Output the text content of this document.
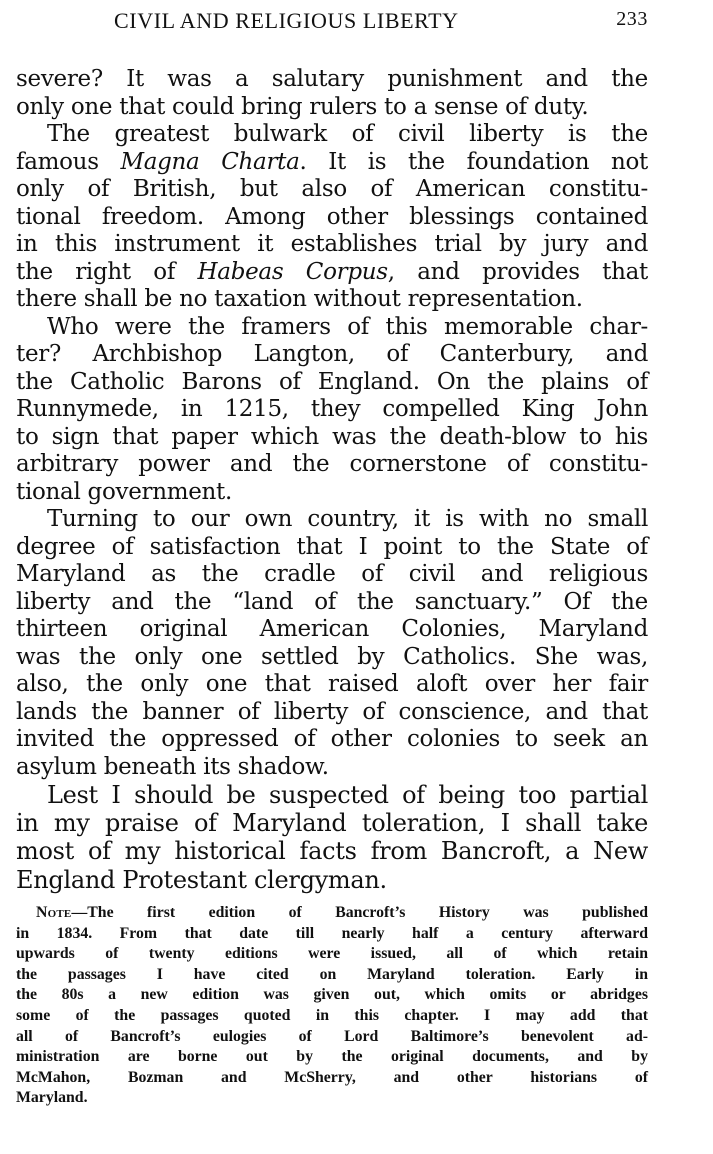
CIVIL AND RELIGIOUS LIBERTY	233
severe? It was a salutary punishment and the
only one that could bring rulers to a sense of duty.
The greatest bulwark of civil liberty is the
famous Magna Charta. It is the foundation not
only of British, but also of American constitu-
tional freedom. Among other blessings contained
in this instrument it establishes trial by jury and
the right of Habeas Corpus, and provides that
there shall be no taxation without representation.
Who were the framers of this memorable char-
ter? Archbishop Langton, of Canterbury, and
the Catholic Barons of England. On the plains of
Runnymede, in 1215, they compelled King John
to sign that paper which was the death-blow to his
arbitrary power and the cornerstone of constitu-
tional government.
Turning to our own country, it is with no small
degree of satisfaction that I point to the State of
Maryland as the cradle of civil and religious
liberty and the “land of the sanctuary.” Of the
thirteen original American Colonies, Maryland
was the only one settled by Catholics. She was,
also, the only one that raised aloft over her fair
lands the banner of liberty of conscience, and that
invited the oppressed of other colonies to seek an
asylum beneath its shadow.
Lest I should be suspected of being too partial
in my praise of Maryland toleration, I shall take
most of my historical facts from Bancroft, a New
England Protestant clergyman.
Note—The first edition of Bancroft’s History was published
in 1834. From that date till nearly half a century afterward
upwards of twenty editions were issued, all of which retain
the passages I have cited on Maryland toleration. Early in
the 80s a new edition was given out, which omits or abridges
some of the passages quoted in this chapter. I may add that
all of Bancroft’s eulogies of Lord Baltimore’s benevolent ad-
ministration are borne out by the original documents, and by
McMahon, Bozman and McSherry, and other historians of
Maryland.
